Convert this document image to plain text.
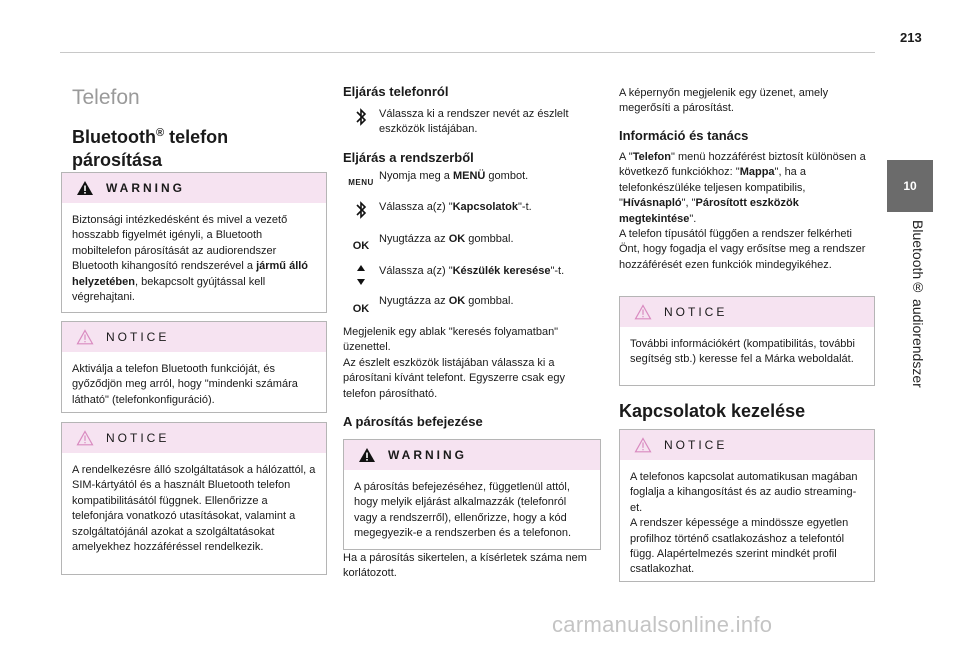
213
10
Bluetooth® audiorendszer
Telefon
Bluetooth® telefon
párosítása
WARNING
Biztonsági intézkedésként és mivel a vezető hosszabb figyelmét igényli, a Bluetooth mobiltelefon párosítását az audiorendszer Bluetooth kihangosító rendszerével a jármű álló helyzetében, bekapcsolt gyújtással kell végrehajtani.
NOTICE
Aktiválja a telefon Bluetooth funkcióját, és győződjön meg arról, hogy "mindenki számára látható" (telefonkonfiguráció).
NOTICE
A rendelkezésre álló szolgáltatások a hálózattól, a SIM-kártyától és a használt Bluetooth telefon kompatibilitásától függnek. Ellenőrizze a telefonjára vonatkozó utasításokat, valamint a szolgáltatójánál azokat a szolgáltatásokat amelyekhez hozzáféréssel rendelkezik.
Eljárás telefonról
Válassza ki a rendszer nevét az észlelt eszközök listájában.
Eljárás a rendszerből
MENU
Nyomja meg a MENÜ gombot.
Válassza a(z) "Kapcsolatok"-t.
OK
Nyugtázza az OK gombbal.
Válassza a(z) "Készülék keresése"-t.
OK
Nyugtázza az OK gombbal.
Megjelenik egy ablak "keresés folyamatban" üzenettel.
Az észlelt eszközök listájában válassza ki a párosítani kívánt telefont. Egyszerre csak egy telefon párosítható.
A párosítás befejezése
WARNING
A párosítás befejezéséhez, függetlenül attól, hogy melyik eljárást alkalmazzák (telefonról vagy a rendszerről), ellenőrizze, hogy a kód megegyezik-e a rendszerben és a telefonon.
Ha a párosítás sikertelen, a kísérletek száma nem korlátozott.
A képernyőn megjelenik egy üzenet, amely megerősíti a párosítást.
Információ és tanács
A "Telefon" menü hozzáférést biztosít különösen a következő funkciókhoz: "Mappa", ha a telefonkészüléke teljesen kompatibilis, "Hívásnapló", "Párosított eszközök megtekintése".
A telefon típusától függően a rendszer felkérheti Önt, hogy fogadja el vagy erősítse meg a rendszer hozzáférését ezen funkciók mindegyikéhez.
NOTICE
További információkért (kompatibilitás, további segítség stb.) keresse fel a Márka weboldalát.
Kapcsolatok kezelése
NOTICE
A telefonos kapcsolat automatikusan magában foglalja a kihangosítást és az audio streaming-et.
A rendszer képessége a mindössze egyetlen profilhoz történő csatlakozáshoz a telefontól függ. Alapértelmezés szerint mindkét profil csatlakozhat.
carmanualsonline.info
